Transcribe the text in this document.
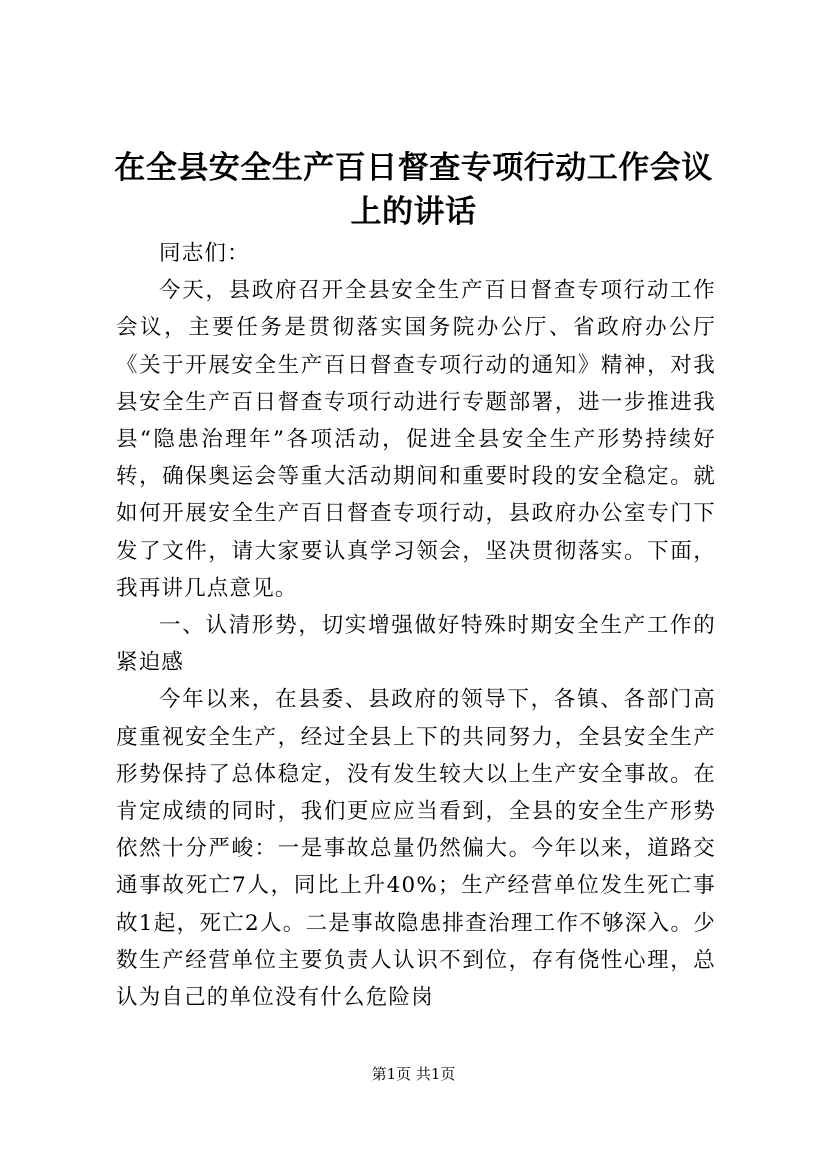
在全县安全生产百日督查专项行动工作会议上的讲话

同志们：

今天，县政府召开全县安全生产百日督查专项行动工作会议，主要任务是贯彻落实国务院办公厅、省政府办公厅《关于开展安全生产百日督查专项行动的通知》精神，对我县安全生产百日督查专项行动进行专题部署，进一步推进我县“隐患治理年”各项活动，促进全县安全生产形势持续好转，确保奥运会等重大活动期间和重要时段的安全稳定。就如何开展安全生产百日督查专项行动，县政府办公室专门下发了文件，请大家要认真学习领会，坚决贯彻落实。下面，我再讲几点意见。

一、认清形势，切实增强做好特殊时期安全生产工作的紧迫感

今年以来，在县委、县政府的领导下，各镇、各部门高度重视安全生产，经过全县上下的共同努力，全县安全生产形势保持了总体稳定，没有发生较大以上生产安全事故。在肯定成绩的同时，我们更应应当看到，全县的安全生产形势依然十分严峻：一是事故总量仍然偏大。今年以来，道路交通事故死亡7人，同比上升40%；生产经营单位发生死亡事故1起，死亡2人。二是事故隐患排查治理工作不够深入。少数生产经营单位主要负责人认识不到位，存有侥性心理，总认为自己的单位没有什么危险岗

第1页 共1页
